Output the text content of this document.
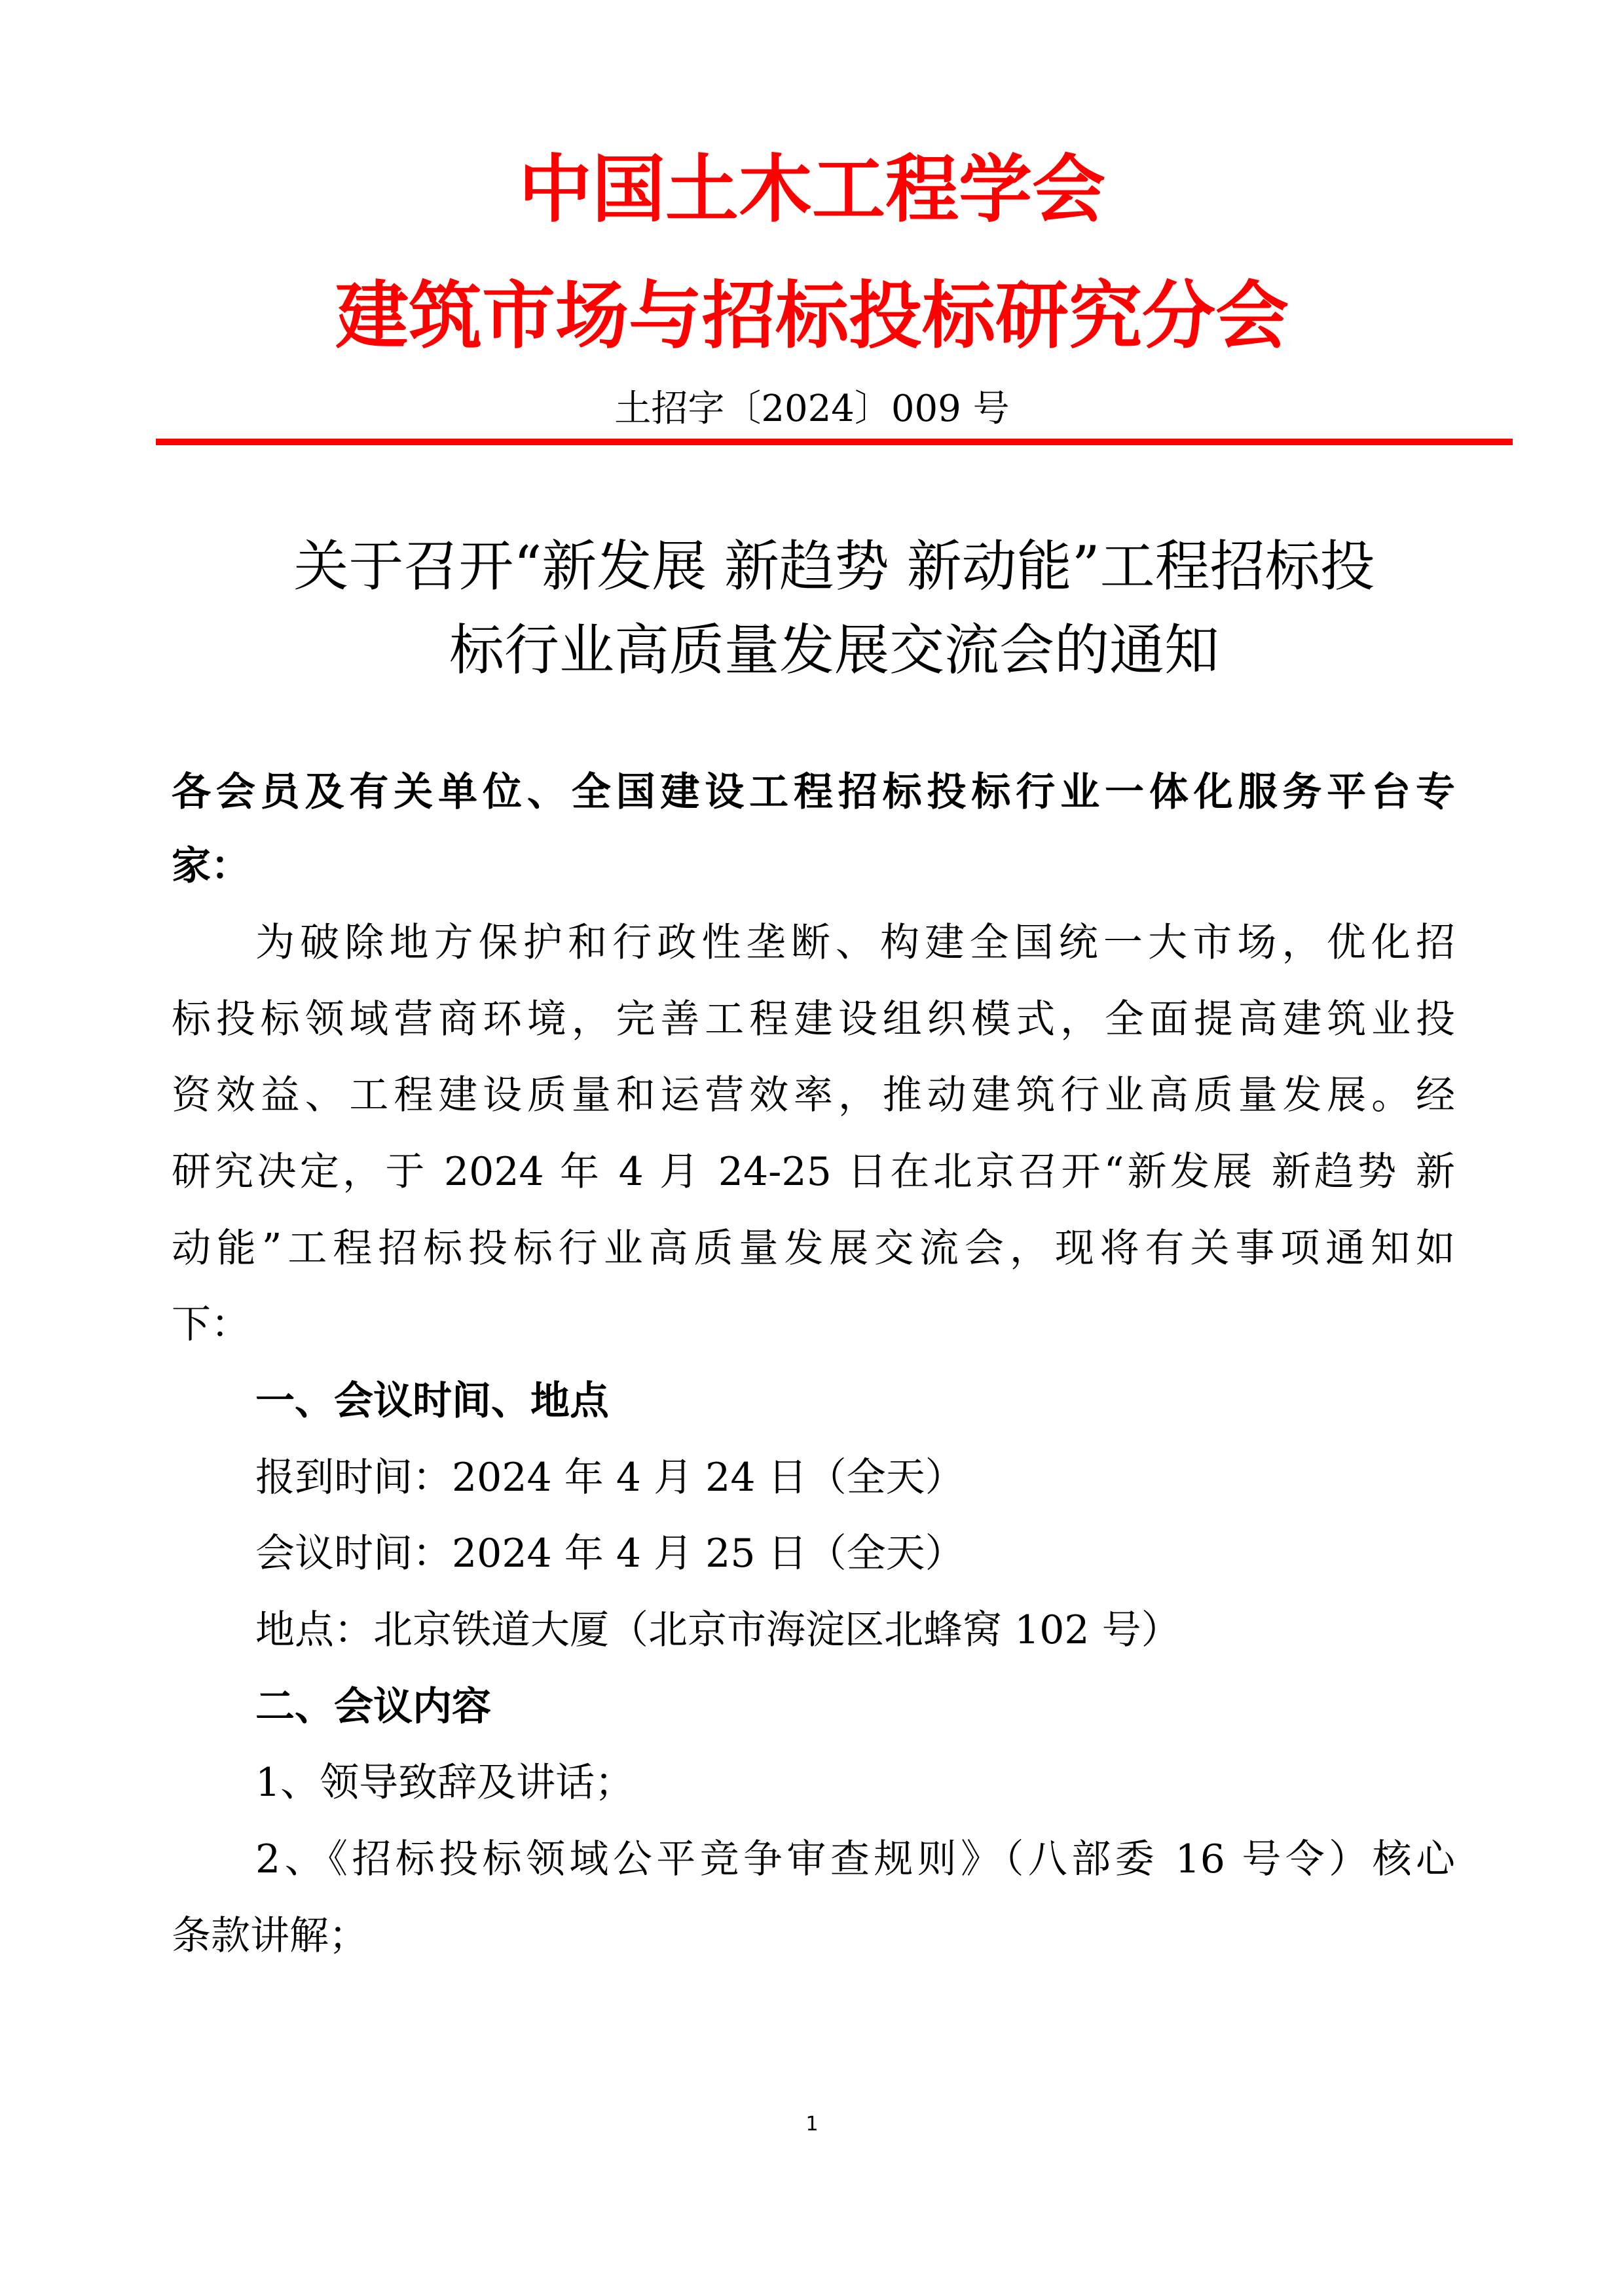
中国土木工程学会
建筑市场与招标投标研究分会
土招字〔2024〕009 号
关于召开“新发展 新趋势 新动能”工程招标投
标行业高质量发展交流会的通知
各会员及有关单位、全国建设工程招标投标行业一体化服务平台专
家：
为破除地方保护和行政性垄断、构建全国统一大市场，优化招
标投标领域营商环境，完善工程建设组织模式，全面提高建筑业投
资效益、工程建设质量和运营效率，推动建筑行业高质量发展。经
研究决定，于 2024 年 4 月 24-25 日在北京召开“新发展 新趋势 新
动能”工程招标投标行业高质量发展交流会，现将有关事项通知如
下：
一、会议时间、地点
报到时间：2024 年 4 月 24 日（全天）
会议时间：2024 年 4 月 25 日（全天）
地点：北京铁道大厦（北京市海淀区北蜂窝 102 号）
二、会议内容
1、领导致辞及讲话；
2、《招标投标领域公平竞争审查规则》（八部委 16 号令）核心
条款讲解；
1
